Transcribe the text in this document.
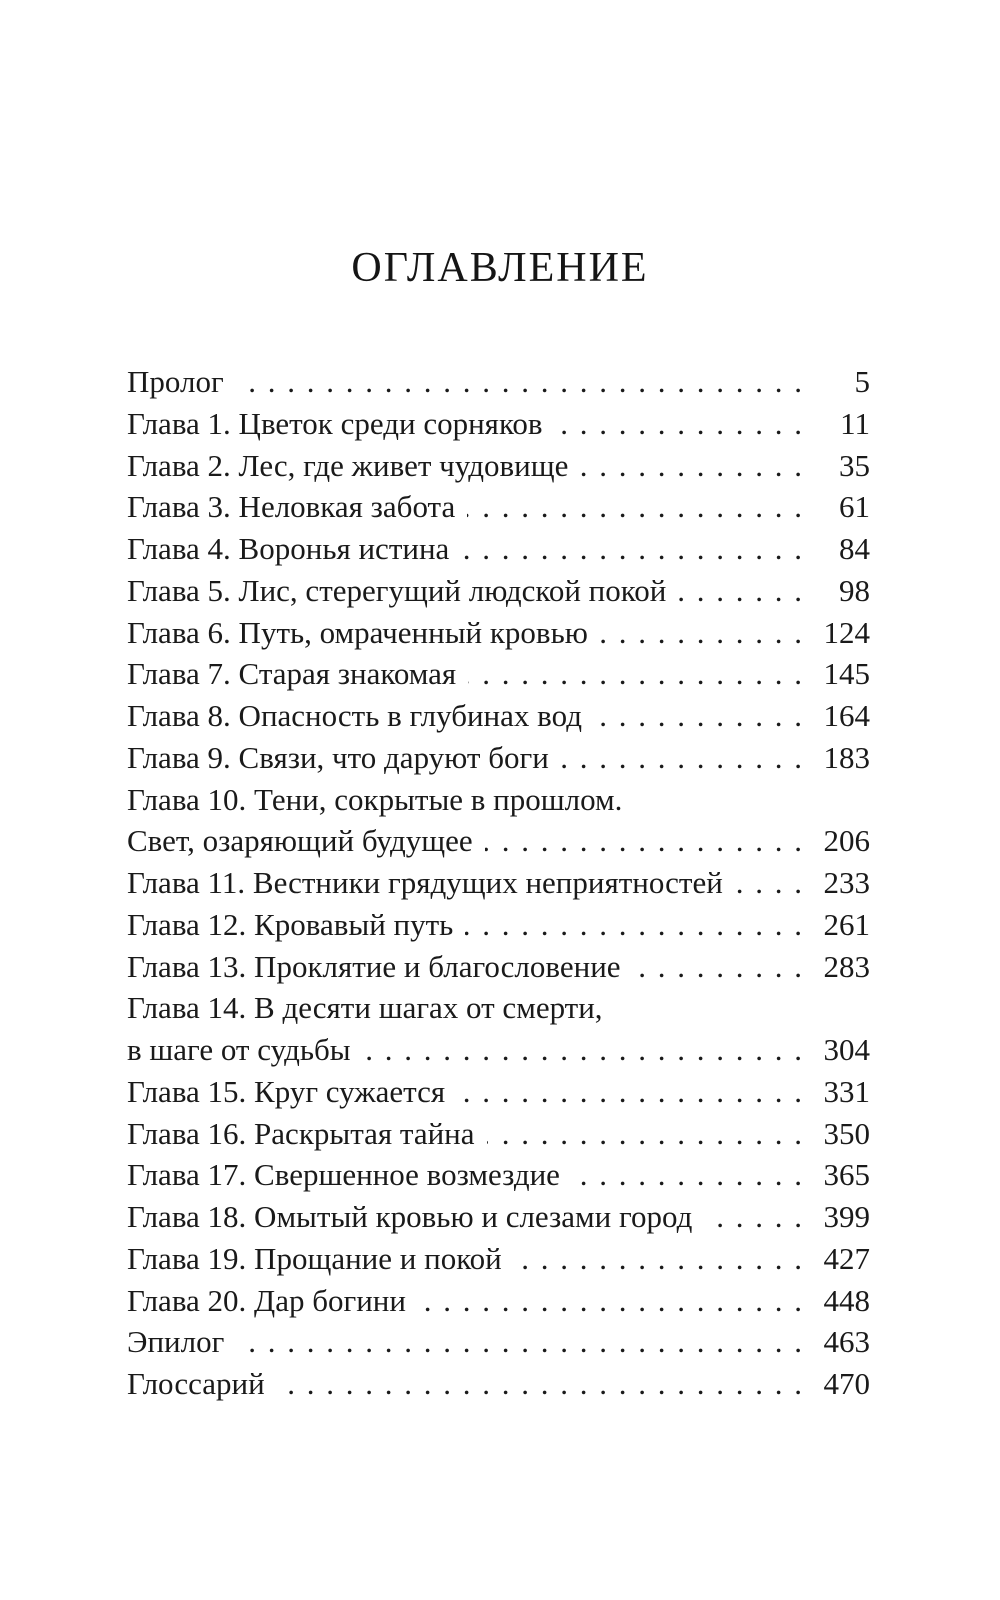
ОГЛАВЛЕНИЕ
Пролог . . .	5
Глава 1. Цветок среди сорняков . . .	11
Глава 2. Лес, где живет чудовище . . .	35
Глава 3. Неловкая забота . . .	61
Глава 4. Воронья истина . . .	84
Глава 5. Лис, стерегущий людской покой . . .	98
Глава 6. Путь, омраченный кровью . . .	124
Глава 7. Старая знакомая . . .	145
Глава 8. Опасность в глубинах вод . . .	164
Глава 9. Связи, что даруют боги . . .	183
Глава 10. Тени, сокрытые в прошлом.
Свет, озаряющий будущее . . .	206
Глава 11. Вестники грядущих неприятностей . . .	233
Глава 12. Кровавый путь . . .	261
Глава 13. Проклятие и благословение . . .	283
Глава 14. В десяти шагах от смерти,
в шаге от судьбы . . .	304
Глава 15. Круг сужается . . .	331
Глава 16. Раскрытая тайна . . .	350
Глава 17. Свершенное возмездие . . .	365
Глава 18. Омытый кровью и слезами город . . .	399
Глава 19. Прощание и покой . . .	427
Глава 20. Дар богини . . .	448
Эпилог . . .	463
Глоссарий . . .	470
